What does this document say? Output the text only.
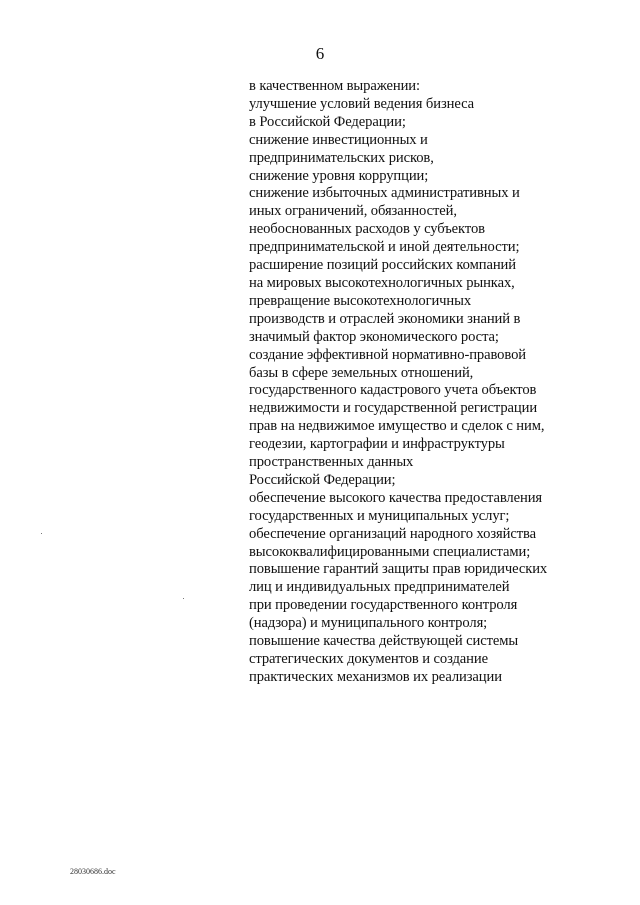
6
в качественном выражении:
улучшение условий ведения бизнеса
в Российской Федерации;
снижение инвестиционных и
предпринимательских рисков,
снижение уровня коррупции;
снижение избыточных административных и
иных ограничений, обязанностей,
необоснованных расходов у субъектов
предпринимательской и иной деятельности;
расширение позиций российских компаний
на мировых высокотехнологичных рынках,
превращение высокотехнологичных
производств и отраслей экономики знаний в
значимый фактор экономического роста;
создание эффективной нормативно-правовой
базы в сфере земельных отношений,
государственного кадастрового учета объектов
недвижимости и государственной регистрации
прав на недвижимое имущество и сделок с ним,
геодезии, картографии и инфраструктуры
пространственных данных
Российской Федерации;
обеспечение высокого качества предоставления
государственных и муниципальных услуг;
обеспечение организаций народного хозяйства
высококвалифицированными специалистами;
повышение гарантий защиты прав юридических
лиц и индивидуальных предпринимателей
при проведении государственного контроля
(надзора) и муниципального контроля;
повышение качества действующей системы
стратегических документов и создание
практических механизмов их реализации
28030686.doc
